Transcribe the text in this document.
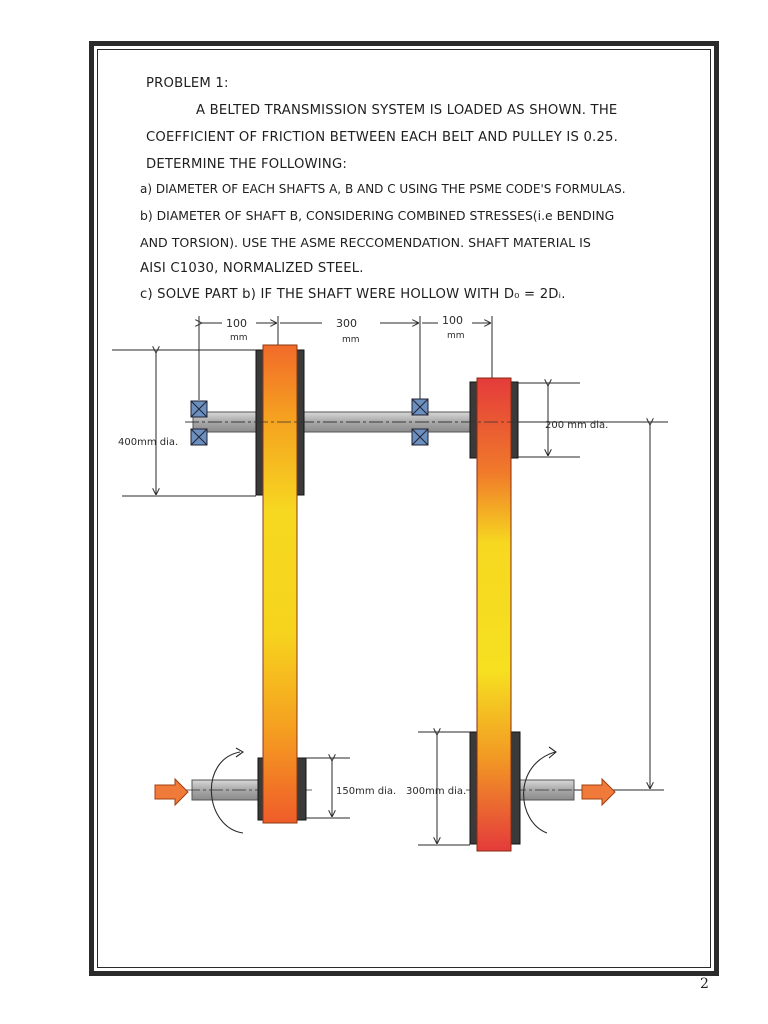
PROBLEM 1:
A BELTED TRANSMISSION SYSTEM IS LOADED AS SHOWN. THE
COEFFICIENT OF FRICTION BETWEEN EACH BELT AND PULLEY IS 0.25.
DETERMINE THE FOLLOWING:
a) DIAMETER OF EACH SHAFTS A, B AND C USING THE PSME CODE'S FORMULAS.
b) DIAMETER OF SHAFT B, CONSIDERING COMBINED STRESSES(i.e BENDING
AND TORSION). USE THE ASME RECCOMENDATION. SHAFT MATERIAL IS
AISI C1030, NORMALIZED STEEL.
c) SOLVE PART b) IF THE SHAFT WERE HOLLOW WITH D₀ = 2Dᵢ.
100
mm
300
mm
100
mm
400mm dia.
200 mm dia.
150mm dia. 300mm dia.
2
